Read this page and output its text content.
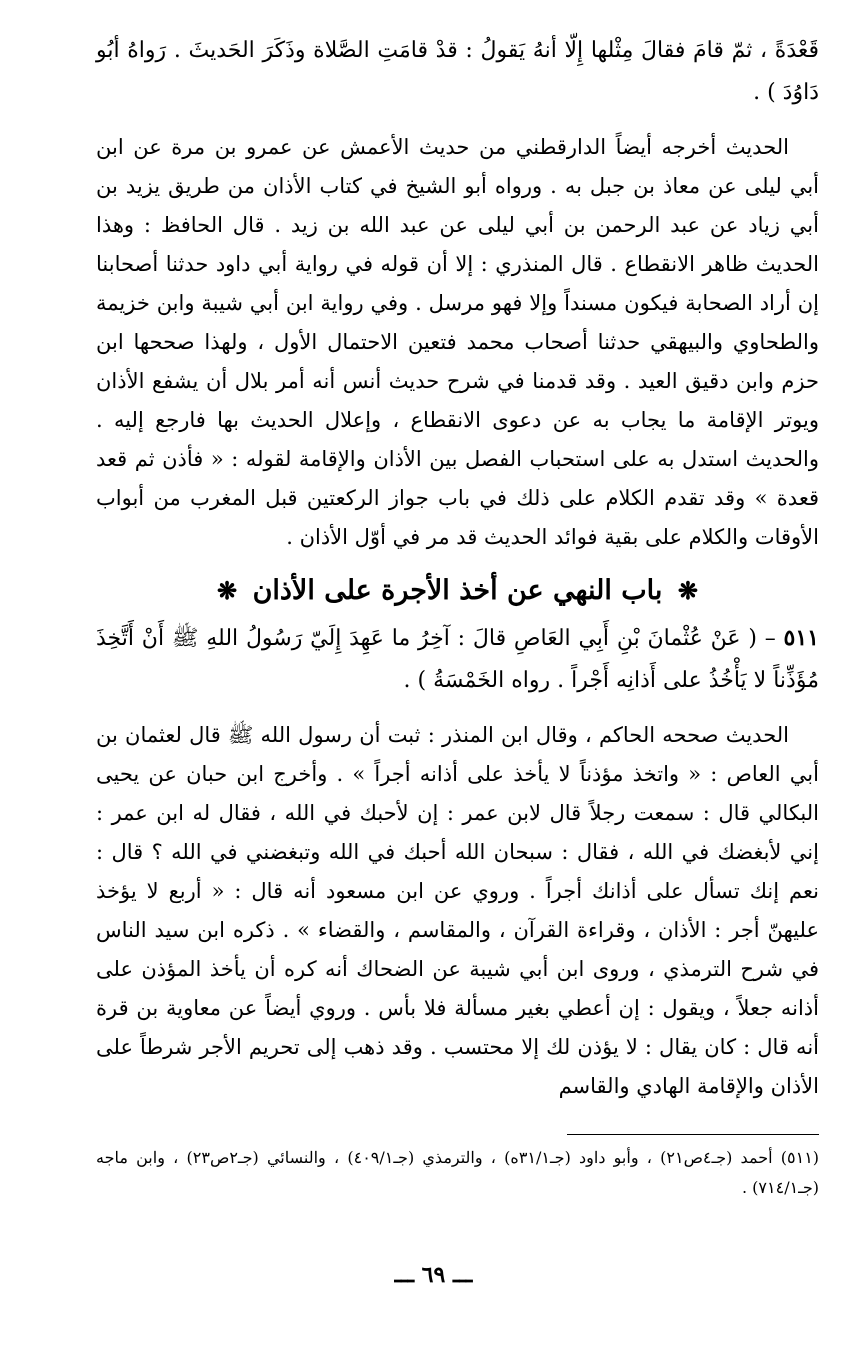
قَعْدَةً ، ثمّ قامَ فقالَ مِثْلها إِلّا أنهُ يَقولُ : قدْ قامَتِ الصَّلاة وذَكَرَ الحَديثَ . رَواهُ أبُو دَاوُدَ ) .

الحديث أخرجه أيضاً الدارقطني من حديث الأعمش عن عمرو بن مرة عن ابن أبي ليلى عن معاذ بن جبل به . ورواه أبو الشيخ في كتاب الأذان من طريق يزيد بن أبي زياد عن عبد الرحمن بن أبي ليلى عن عبد الله بن زيد . قال الحافظ : وهذا الحديث ظاهر الانقطاع . قال المنذري : إلا أن قوله في رواية أبي داود حدثنا أصحابنا إن أراد الصحابة فيكون مسنداً وإلا فهو مرسل . وفي رواية ابن أبي شيبة وابن خزيمة والطحاوي والبيهقي حدثنا أصحاب محمد فتعين الاحتمال الأول ، ولهذا صححها ابن حزم وابن دقيق العيد . وقد قدمنا في شرح حديث أنس أنه أمر بلال أن يشفع الأذان ويوتر الإقامة ما يجاب به عن دعوى الانقطاع ، وإعلال الحديث بها فارجع إليه . والحديث استدل به على استحباب الفصل بين الأذان والإقامة لقوله : « فأذن ثم قعد قعدة » وقد تقدم الكلام على ذلك في باب جواز الركعتين قبل المغرب من أبواب الأوقات والكلام على بقية فوائد الحديث قد مر في أوّل الأذان .

❋ باب النهي عن أخذ الأجرة على الأذان ❋

٥١١ – ( عَنْ عُثْمانَ بْنِ أَبِي العَاصِ قالَ : آخِرُ ما عَهِدَ إِلَيّ رَسُولُ اللهِ ﷺ أَنْ أَتَّخِذَ مُؤَذِّناً لا يَأْخُذُ على أَذانِه أَجْراً . رواه الخَمْسَةُ ) .

الحديث صححه الحاكم ، وقال ابن المنذر : ثبت أن رسول الله ﷺ قال لعثمان بن أبي العاص : « واتخذ مؤذناً لا يأخذ على أذانه أجراً » . وأخرج ابن حبان عن يحيى البكالي قال : سمعت رجلاً قال لابن عمر : إن لأحبك في الله ، فقال له ابن عمر : إني لأبغضك في الله ، فقال : سبحان الله أحبك في الله وتبغضني في الله ؟ قال : نعم إنك تسأل على أذانك أجراً . وروي عن ابن مسعود أنه قال : « أربع لا يؤخذ عليهنّ أجر : الأذان ، وقراءة القرآن ، والمقاسم ، والقضاء » . ذكره ابن سيد الناس في شرح الترمذي ، وروى ابن أبي شيبة عن الضحاك أنه كره أن يأخذ المؤذن على أذانه جعلاً ، ويقول : إن أعطي بغير مسألة فلا بأس . وروي أيضاً عن معاوية بن قرة أنه قال : كان يقال : لا يؤذن لك إلا محتسب . وقد ذهب إلى تحريم الأجر شرطاً على الأذان والإقامة الهادي والقاسم

(٥١١) أحمد (جـ٤ص٢١) ، وأبو داود (جـ٣١/١ه) ، والترمذي (جـ٤٠٩/١) ، والنسائي (جـ٢ص٢٣) ، وابن ماجه (جـ٧١٤/١) .

ـــ ٦٩ ـــ
